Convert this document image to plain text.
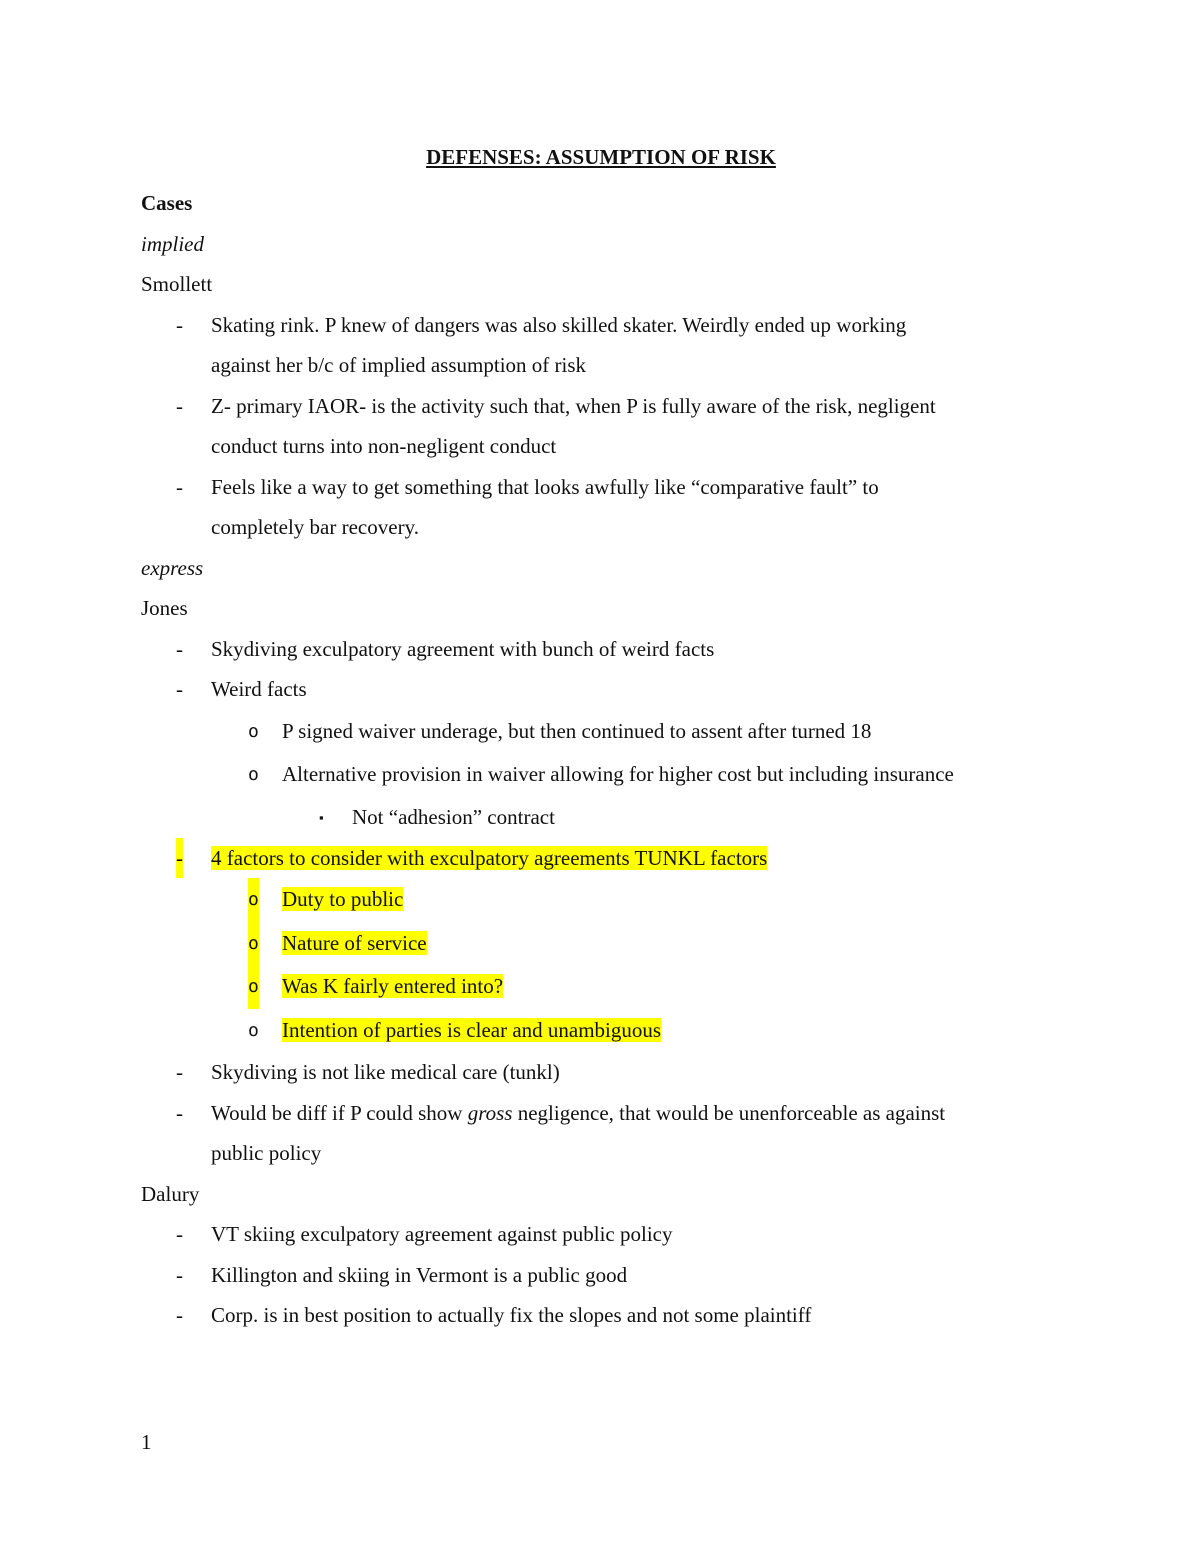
DEFENSES: ASSUMPTION OF RISK

Cases

implied

Smollett

- Skating rink. P knew of dangers was also skilled skater. Weirdly ended up working
against her b/c of implied assumption of risk
- Z- primary IAOR- is the activity such that, when P is fully aware of the risk, negligent
conduct turns into non-negligent conduct
- Feels like a way to get something that looks awfully like “comparative fault” to
completely bar recovery.

express

Jones

- Skydiving exculpatory agreement with bunch of weird facts
- Weird facts
o P signed waiver underage, but then continued to assent after turned 18
o Alternative provision in waiver allowing for higher cost but including insurance
▪ Not “adhesion” contract
- 4 factors to consider with exculpatory agreements TUNKL factors
o Duty to public
o Nature of service
o Was K fairly entered into?
o Intention of parties is clear and unambiguous
- Skydiving is not like medical care (tunkl)
- Would be diff if P could show gross negligence, that would be unenforceable as against
public policy

Dalury

- VT skiing exculpatory agreement against public policy
- Killington and skiing in Vermont is a public good
- Corp. is in best position to actually fix the slopes and not some plaintiff
1
